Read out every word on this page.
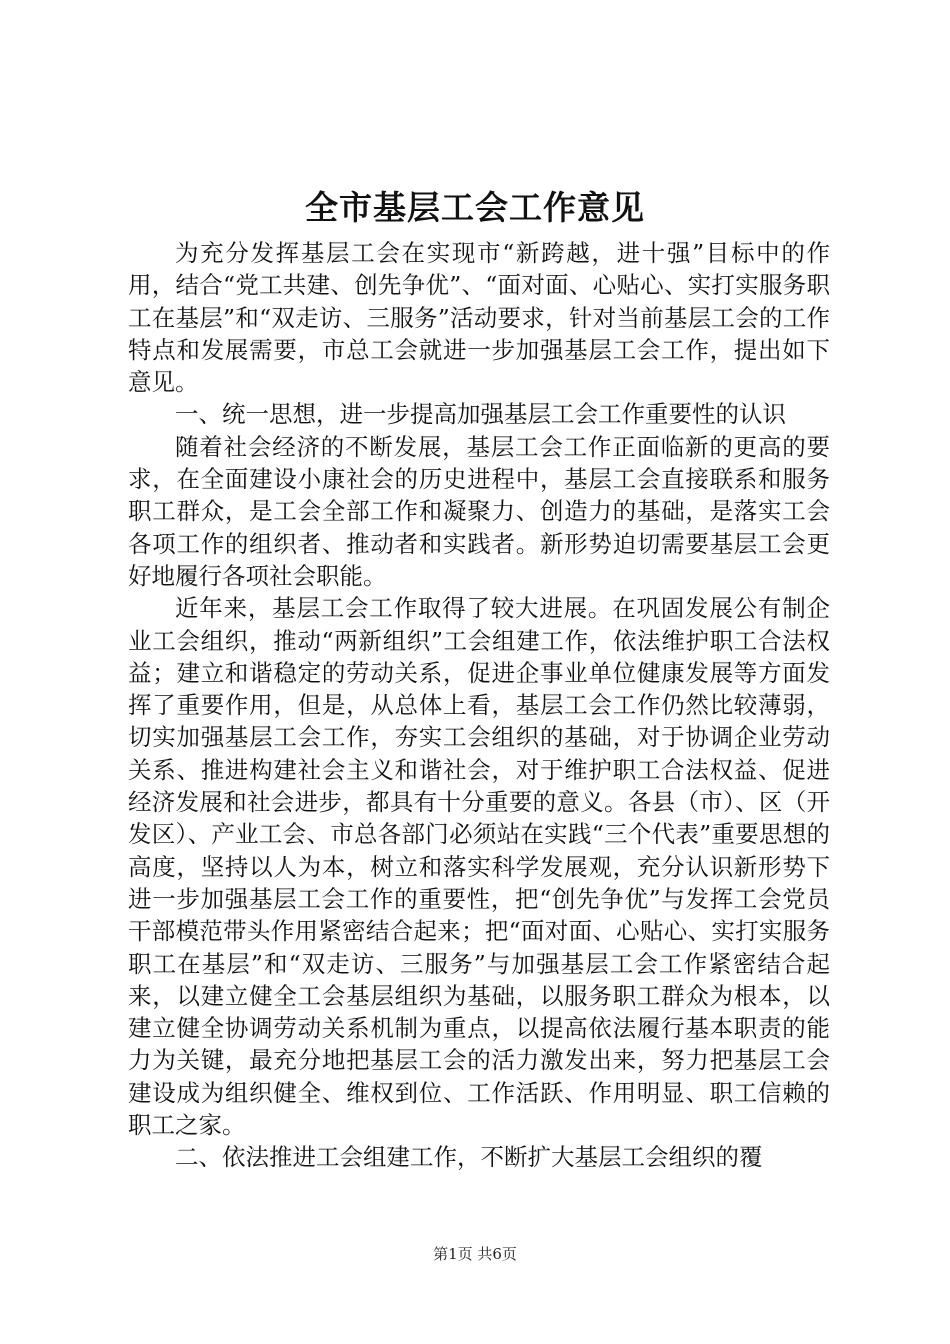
全市基层工会工作意见

为充分发挥基层工会在实现市“新跨越，进十强”目标中的作用，结合“党工共建、创先争优”、“面对面、心贴心、实打实服务职工在基层”和“双走访、三服务”活动要求，针对当前基层工会的工作特点和发展需要，市总工会就进一步加强基层工会工作，提出如下意见。

一、统一思想，进一步提高加强基层工会工作重要性的认识

随着社会经济的不断发展，基层工会工作正面临新的更高的要求，在全面建设小康社会的历史进程中，基层工会直接联系和服务职工群众，是工会全部工作和凝聚力、创造力的基础，是落实工会各项工作的组织者、推动者和实践者。新形势迫切需要基层工会更好地履行各项社会职能。

近年来，基层工会工作取得了较大进展。在巩固发展公有制企业工会组织，推动“两新组织”工会组建工作，依法维护职工合法权益；建立和谐稳定的劳动关系，促进企事业单位健康发展等方面发挥了重要作用，但是，从总体上看，基层工会工作仍然比较薄弱，切实加强基层工会工作，夯实工会组织的基础，对于协调企业劳动关系、推进构建社会主义和谐社会，对于维护职工合法权益、促进经济发展和社会进步，都具有十分重要的意义。各县（市）、区（开发区）、产业工会、市总各部门必须站在实践“三个代表”重要思想的高度，坚持以人为本，树立和落实科学发展观，充分认识新形势下进一步加强基层工会工作的重要性，把“创先争优”与发挥工会党员干部模范带头作用紧密结合起来；把“面对面、心贴心、实打实服务职工在基层”和“双走访、三服务”与加强基层工会工作紧密结合起来，以建立健全工会基层组织为基础，以服务职工群众为根本，以建立健全协调劳动关系机制为重点，以提高依法履行基本职责的能力为关键，最充分地把基层工会的活力激发出来，努力把基层工会建设成为组织健全、维权到位、工作活跃、作用明显、职工信赖的职工之家。

二、依法推进工会组建工作，不断扩大基层工会组织的覆

第1页 共6页
